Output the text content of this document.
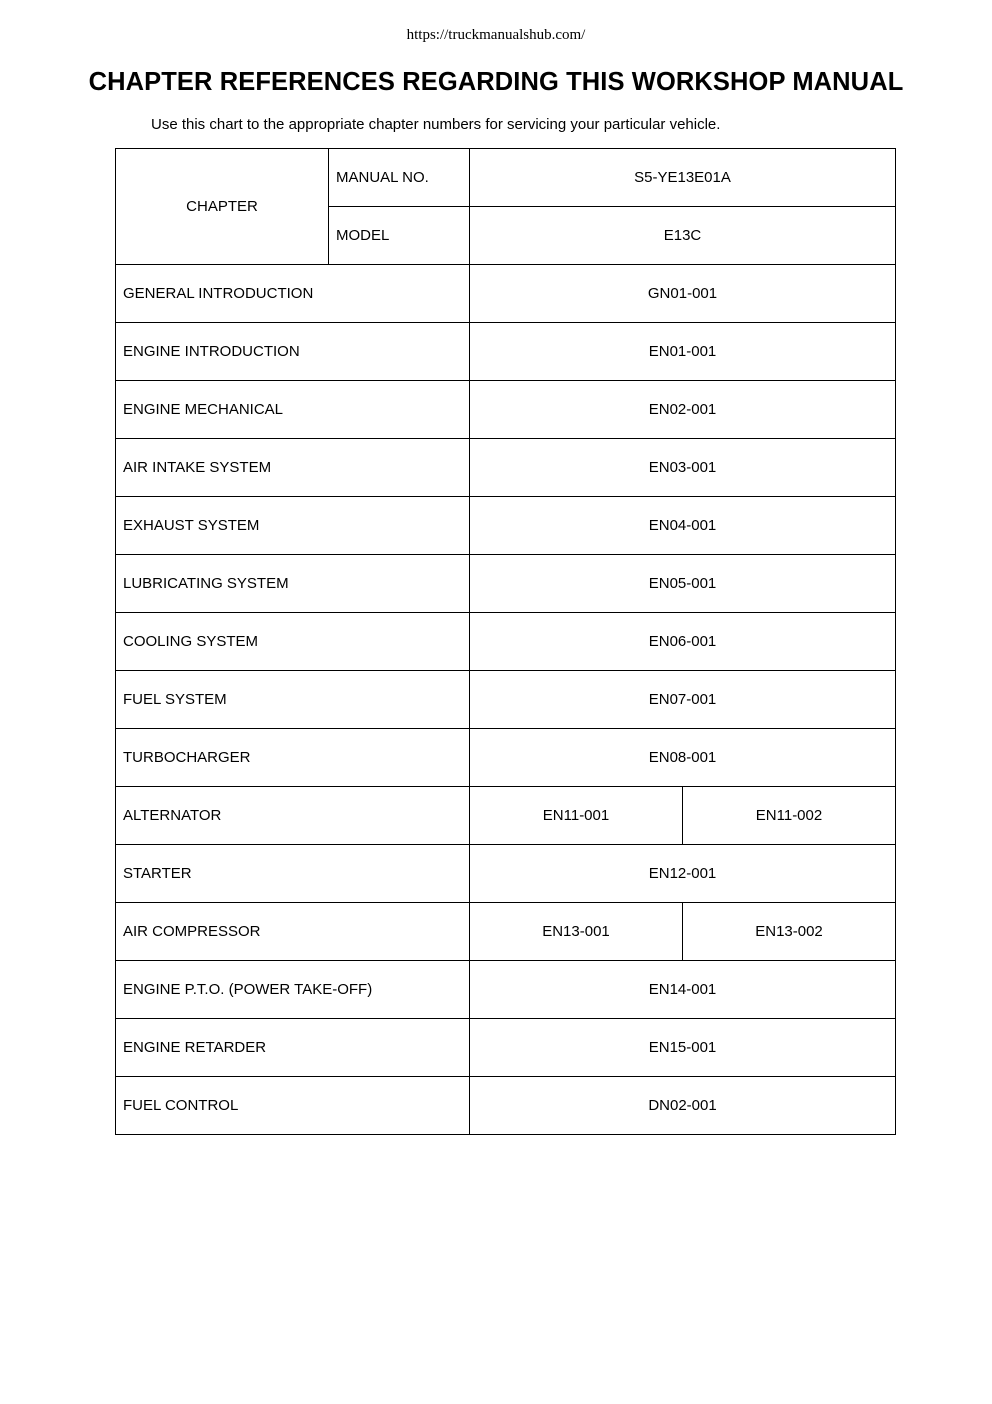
https://truckmanualshub.com/
CHAPTER REFERENCES REGARDING THIS WORKSHOP MANUAL
Use this chart to the appropriate chapter numbers for servicing your particular vehicle.
CHAPTER	MANUAL NO.	S5-YE13E01A	
	MODEL	E13C	
GENERAL INTRODUCTION		GN01-001	
ENGINE INTRODUCTION		EN01-001	
ENGINE MECHANICAL		EN02-001	
AIR INTAKE SYSTEM		EN03-001	
EXHAUST SYSTEM		EN04-001	
LUBRICATING SYSTEM		EN05-001	
COOLING SYSTEM		EN06-001	
FUEL SYSTEM		EN07-001	
TURBOCHARGER		EN08-001	
ALTERNATOR		EN11-001	EN11-002
STARTER		EN12-001	
AIR COMPRESSOR		EN13-001	EN13-002
ENGINE P.T.O. (POWER TAKE-OFF)		EN14-001	
ENGINE RETARDER		EN15-001	
FUEL CONTROL		DN02-001	
